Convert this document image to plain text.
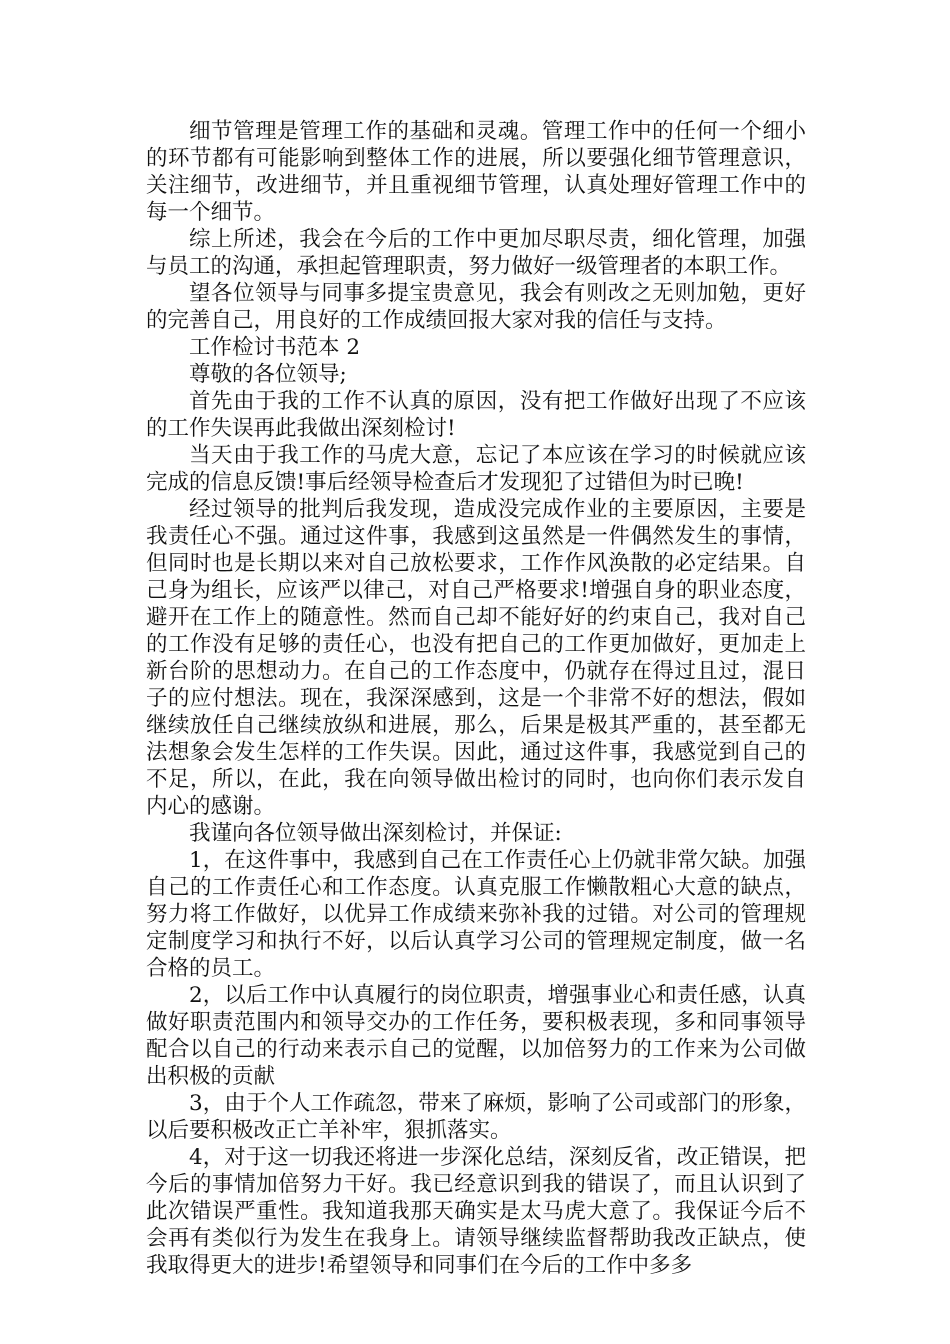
细节管理是管理工作的基础和灵魂。管理工作中的任何一个细小的环节都有可能影响到整体工作的进展，所以要强化细节管理意识，关注细节，改进细节，并且重视细节管理，认真处理好管理工作中的每一个细节。

综上所述，我会在今后的工作中更加尽职尽责，细化管理，加强与员工的沟通，承担起管理职责，努力做好一级管理者的本职工作。

望各位领导与同事多提宝贵意见，我会有则改之无则加勉，更好的完善自己，用良好的工作成绩回报大家对我的信任与支持。

工作检讨书范本 2

尊敬的各位领导;

首先由于我的工作不认真的原因，没有把工作做好出现了不应该的工作失误再此我做出深刻检讨!

当天由于我工作的马虎大意，忘记了本应该在学习的时候就应该完成的信息反馈!事后经领导检查后才发现犯了过错但为时已晚!

经过领导的批判后我发现，造成没完成作业的主要原因，主要是我责任心不强。通过这件事，我感到这虽然是一件偶然发生的事情，但同时也是长期以来对自己放松要求，工作作风涣散的必定结果。自己身为组长，应该严以律己，对自己严格要求!增强自身的职业态度，避开在工作上的随意性。然而自己却不能好好的约束自己，我对自己的工作没有足够的责任心，也没有把自己的工作更加做好，更加走上新台阶的思想动力。在自己的工作态度中，仍就存在得过且过，混日子的应付想法。现在，我深深感到，这是一个非常不好的想法，假如继续放任自己继续放纵和进展，那么，后果是极其严重的，甚至都无法想象会发生怎样的工作失误。因此，通过这件事，我感觉到自己的不足，所以，在此，我在向领导做出检讨的同时，也向你们表示发自内心的感谢。

我谨向各位领导做出深刻检讨，并保证:

1，在这件事中，我感到自己在工作责任心上仍就非常欠缺。加强自己的工作责任心和工作态度。认真克服工作懒散粗心大意的缺点，努力将工作做好，以优异工作成绩来弥补我的过错。对公司的管理规定制度学习和执行不好，以后认真学习公司的管理规定制度，做一名合格的员工。

2，以后工作中认真履行的岗位职责，增强事业心和责任感，认真做好职责范围内和领导交办的工作任务，要积极表现，多和同事领导配合以自己的行动来表示自己的觉醒，以加倍努力的工作来为公司做出积极的贡献

3，由于个人工作疏忽，带来了麻烦，影响了公司或部门的形象，以后要积极改正亡羊补牢，狠抓落实。

4，对于这一切我还将进一步深化总结，深刻反省，改正错误，把今后的事情加倍努力干好。我已经意识到我的错误了，而且认识到了此次错误严重性。我知道我那天确实是太马虎大意了。我保证今后不会再有类似行为发生在我身上。请领导继续监督帮助我改正缺点，使我取得更大的进步!希望领导和同事们在今后的工作中多多
